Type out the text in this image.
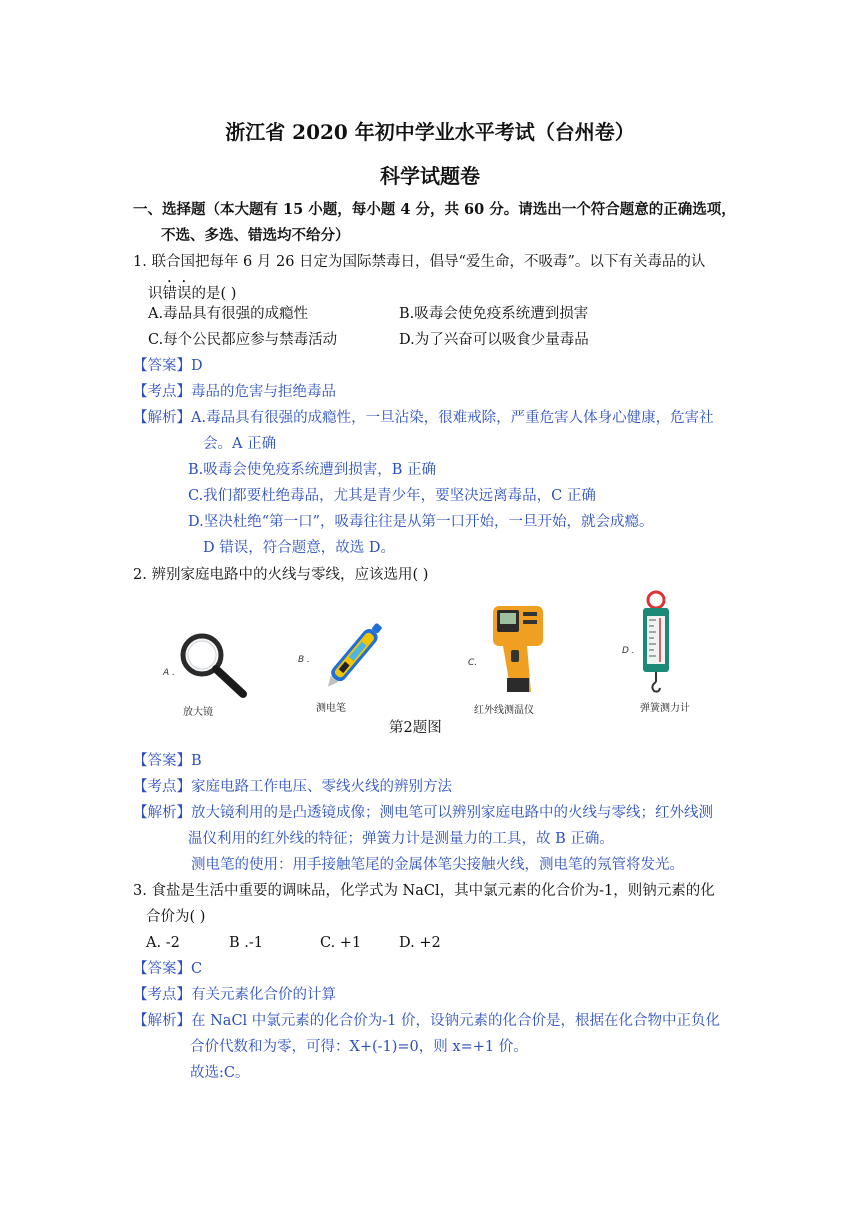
浙江省 2020 年初中学业水平考试（台州卷）
科学试题卷
一、选择题（本大题有 15 小题，每小题 4 分，共 60 分。请选出一个符合题意的正确选项，
不选、多选、错选均不给分）
1. 联合国把每年 6 月 26 日定为国际禁毒日，倡导“爱生命，不吸毒”。以下有关毒品的认
识错误的是( )
A.毒品具有很强的成瘾性	B.吸毒会使免疫系统遭到损害
C.每个公民都应参与禁毒活动	D.为了兴奋可以吸食少量毒品
【答案】D
【考点】毒品的危害与拒绝毒品
【解析】A.毒品具有很强的成瘾性，一旦沾染，很难戒除，严重危害人体身心健康，危害社
会。A 正确
B.吸毒会使免疫系统遭到损害，B 正确
C.我们都要杜绝毒品，尤其是青少年，要坚决远离毒品，C 正确
D.坚决杜绝“第一口”，吸毒往往是从第一口开始，一旦开始，就会成瘾。
D 错误，符合题意，故选 D。
2. 辨别家庭电路中的火线与零线，应该选用( )
A .
放大镜
B .
测电笔
C.
红外线测温仪
D .
弹簧测力计
第2题图
【答案】B
【考点】家庭电路工作电压、零线火线的辨别方法
【解析】放大镜利用的是凸透镜成像；测电笔可以辨别家庭电路中的火线与零线；红外线测
温仪利用的红外线的特征；弹簧力计是测量力的工具，故 B 正确。
测电笔的使用：用手接触笔尾的金属体笔尖接触火线，测电笔的氖管将发光。
3. 食盐是生活中重要的调味品，化学式为 NaCl，其中氯元素的化合价为-1，则钠元素的化
合价为( )
A. -2	B .-1	C. +1	D. +2
【答案】C
【考点】有关元素化合价的计算
【解析】在 NaCl 中氯元素的化合价为-1 价，设钠元素的化合价是，根据在化合物中正负化
合价代数和为零，可得：X+(-1)=0，则 x=+1 价。
故选:C。
